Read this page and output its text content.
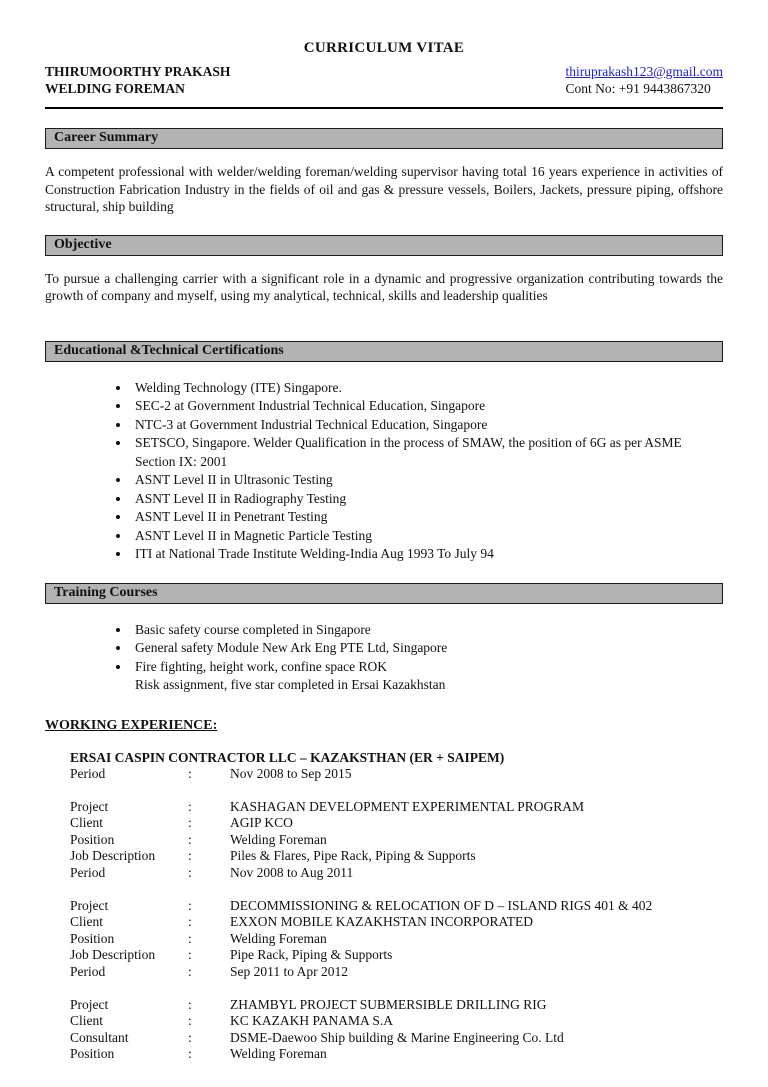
CURRICULUM VITAE
THIRUMOORTHY PRAKASH
WELDING FOREMAN
thiruprakash123@gmail.com
Cont No: +91 9443867320
Career Summary
A competent professional with welder/welding foreman/welding supervisor having total 16 years experience in activities of Construction Fabrication Industry in the fields of oil and gas & pressure vessels, Boilers, Jackets, pressure piping, offshore structural, ship building
Objective
To pursue a challenging carrier with a significant role in a dynamic and progressive organization contributing towards the growth of company and myself, using my analytical, technical, skills and leadership qualities
Educational &Technical Certifications
• Welding Technology (ITE) Singapore.
• SEC-2 at Government Industrial Technical Education, Singapore
• NTC-3 at Government Industrial Technical Education, Singapore
• SETSCO, Singapore. Welder Qualification in the process of SMAW, the position of 6G as per ASME Section IX: 2001
• ASNT Level II in Ultrasonic Testing
• ASNT Level II in Radiography Testing
• ASNT Level II in Penetrant Testing
• ASNT Level II in Magnetic Particle Testing
• ITI at National Trade Institute Welding-India Aug 1993 To July 94
Training Courses
• Basic safety course completed in Singapore
• General safety Module New Ark Eng PTE Ltd, Singapore
• Fire fighting, height work, confine space ROK
Risk assignment, five star completed in Ersai Kazakhstan
WORKING EXPERIENCE:
ERSAI CASPIN CONTRACTOR LLC – KAZAKSTHAN (ER + SAIPEM)
Period	:	Nov 2008 to Sep 2015
Project	:	KASHAGAN DEVELOPMENT EXPERIMENTAL PROGRAM
Client	:	AGIP KCO
Position	:	Welding Foreman
Job Description	:	Piles & Flares, Pipe Rack, Piping & Supports
Period	:	Nov 2008 to Aug 2011
Project	:	DECOMMISSIONING & RELOCATION OF D – ISLAND RIGS 401 & 402
Client	:	EXXON MOBILE KAZAKHSTAN INCORPORATED
Position	:	Welding Foreman
Job Description	:	Pipe Rack, Piping & Supports
Period	:	Sep 2011 to Apr 2012
Project	:	ZHAMBYL PROJECT SUBMERSIBLE DRILLING RIG
Client	:	KC KAZAKH PANAMA S.A
Consultant	:	DSME-Daewoo Ship building & Marine Engineering Co. Ltd
Position	:	Welding Foreman
